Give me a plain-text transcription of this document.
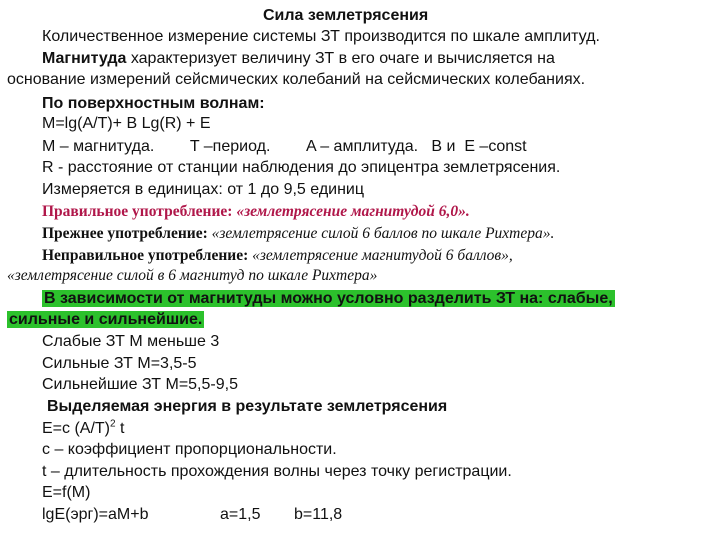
Сила землетрясения
Количественное измерение системы ЗТ производится по шкале амплитуд.
Магнитуда характеризует величину ЗТ в его очаге и вычисляется на
основание измерений сейсмических колебаний на сейсмических колебаниях.
По поверхностным волнам:
M=lg(A/T)+ B Lg(R) + E
M – магнитуда.        T –период.        A – амплитуда.   B и  E –const
R - расстояние от станции наблюдения до эпицентра землетрясения.
Измеряется в единицах: от 1 до 9,5 единиц
Правильное употребление: «землетрясение магнитудой 6,0».
Прежнее употребление: «землетрясение силой 6 баллов по шкале Рихтера».
Неправильное употребление: «землетрясение магнитудой 6 баллов»,
«землетрясение силой в 6 магнитуд по шкале Рихтера»
В зависимости от магнитуды можно условно разделить ЗТ на: слабые,
сильные и сильнейшие.
Слабые ЗТ М меньше 3
Сильные ЗТ М=3,5-5
Сильнейшие ЗТ М=5,5-9,5
Выделяемая энергия в результате землетрясения
E=c $(A/T)^2$ t
c – коэффициент пропорциональности.
t – длительность прохождения волны через точку регистрации.
E=f(M)
lgE(эрг)=aM+b	a=1,5 b=11,8
